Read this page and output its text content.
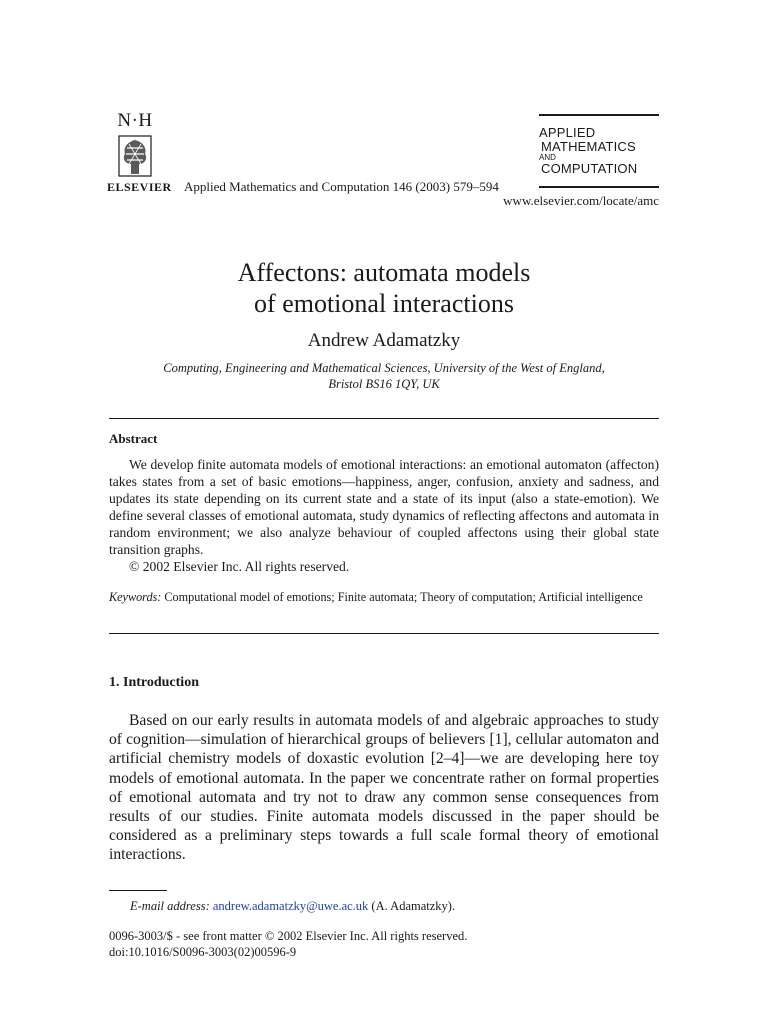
N·H
ELSEVIER Applied Mathematics and Computation 146 (2003) 579–594
APPLIED
MATHEMATICS
AND
COMPUTATION
www.elsevier.com/locate/amc
Affectons: automata models
of emotional interactions
Andrew Adamatzky
Computing, Engineering and Mathematical Sciences, University of the West of England,
Bristol BS16 1QY, UK
Abstract

We develop finite automata models of emotional interactions: an emotional automaton (affecton) takes states from a set of basic emotions—happiness, anger, confusion, anxiety and sadness, and updates its state depending on its current state and a state of its input (also a state-emotion). We define several classes of emotional automata, study dynamics of reflecting affectons and automata in random environment; we also analyze behaviour of coupled affectons using their global state transition graphs.

© 2002 Elsevier Inc. All rights reserved.

Keywords: Computational model of emotions; Finite automata; Theory of computation; Artificial intelligence
1. Introduction

Based on our early results in automata models of and algebraic approaches to study of cognition—simulation of hierarchical groups of believers [1], cellular automaton and artificial chemistry models of doxastic evolution [2–4]—we are developing here toy models of emotional automata. In the paper we concentrate rather on formal properties of emotional automata and try not to draw any common sense consequences from results of our studies. Finite automata models discussed in the paper should be considered as a preliminary steps towards a full scale formal theory of emotional interactions.

E-mail address: andrew.adamatzky@uwe.ac.uk (A. Adamatzky).
0096-3003/$ - see front matter © 2002 Elsevier Inc. All rights reserved.
doi:10.1016/S0096-3003(02)00596-9
